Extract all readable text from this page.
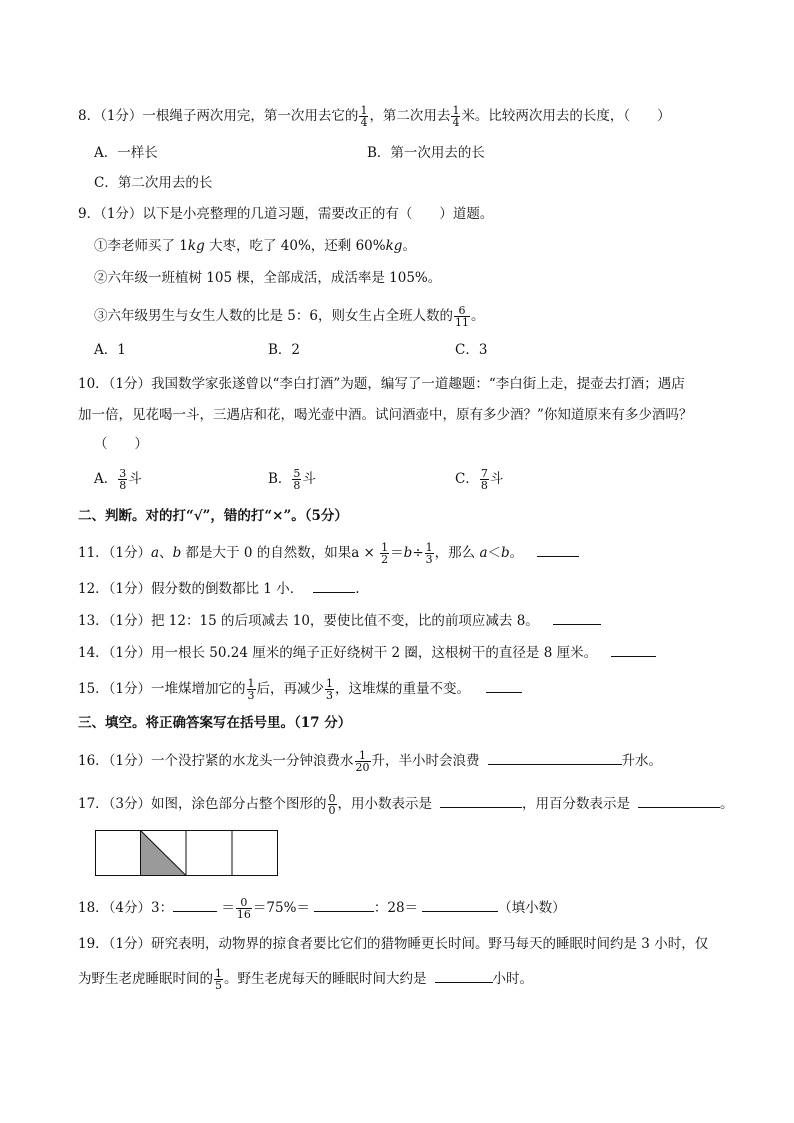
8．（1分）一根绳子两次用完，第一次用去它的 $\frac{1}{4}$ ，第二次用去 $\frac{1}{4}$ 米。比较两次用去的长度，（　　）
A．一样长	B．第一次用去的长
C．第二次用去的长
9．（1分）以下是小亮整理的几道习题，需要改正的有（　　）道题。
①李老师买了 1kg 大枣，吃了 40%，还剩 60%kg。
②六年级一班植树 105 棵，全部成活，成活率是 105%。
③六年级男生与女生人数的比是 5：6，则女生占全班人数的 $\frac{6}{11}$ 。
A．1	B．2	C．3
10．（1分）我国数学家张遂曾以“李白打酒”为题，编写了一道趣题：“李白街上走，提壶去打酒；遇店
加一倍，见花喝一斗，三遇店和花，喝光壶中酒。试问酒壶中，原有多少酒？”你知道原来有多少酒吗？
（　　）
A． $\frac{3}{8}$ 斗	B． $\frac{5}{8}$ 斗	C． $\frac{7}{8}$ 斗
二、判断。对的打“√”，错的打“×”。（5分）
11．（1分）a、b 都是大于 0 的自然数，如果$a \times \frac{1}{2} =b\div \frac{1}{3}$ ，那么 a＜b。
12．（1分）假分数的倒数都比 1 小．	.
13．（1分）把 12：15 的后项减去 10，要使比值不变，比的前项应减去 8。
14．（1分）用一根长 50.24 厘米的绳子正好绕树干 2 圈，这根树干的直径是 8 厘米。
15．（1分）一堆煤增加它的 $\frac{1}{3}$ 后，再减少 $\frac{1}{3}$ ，这堆煤的重量不变。
三、填空。将正确答案写在括号里。（17 分）
16．（1分）一个没拧紧的水龙头一分钟浪费水 $\frac{1}{20}$ 升，半小时会浪费	升水。
17．（3分）如图，涂色部分占整个图形的 $\frac{0}{0}$ ，用小数表示是	，用百分数表示是	。
18．（4分）3：	＝ $\frac{0}{16} =75\%=$	：28＝	（填小数）
19．（1分）研究表明，动物界的掠食者要比它们的猎物睡更长时间。野马每天的睡眠时间约是 3 小时，仅
为野生老虎睡眠时间的 $\frac{1}{5}$ 。野生老虎每天的睡眠时间大约是	小时。
